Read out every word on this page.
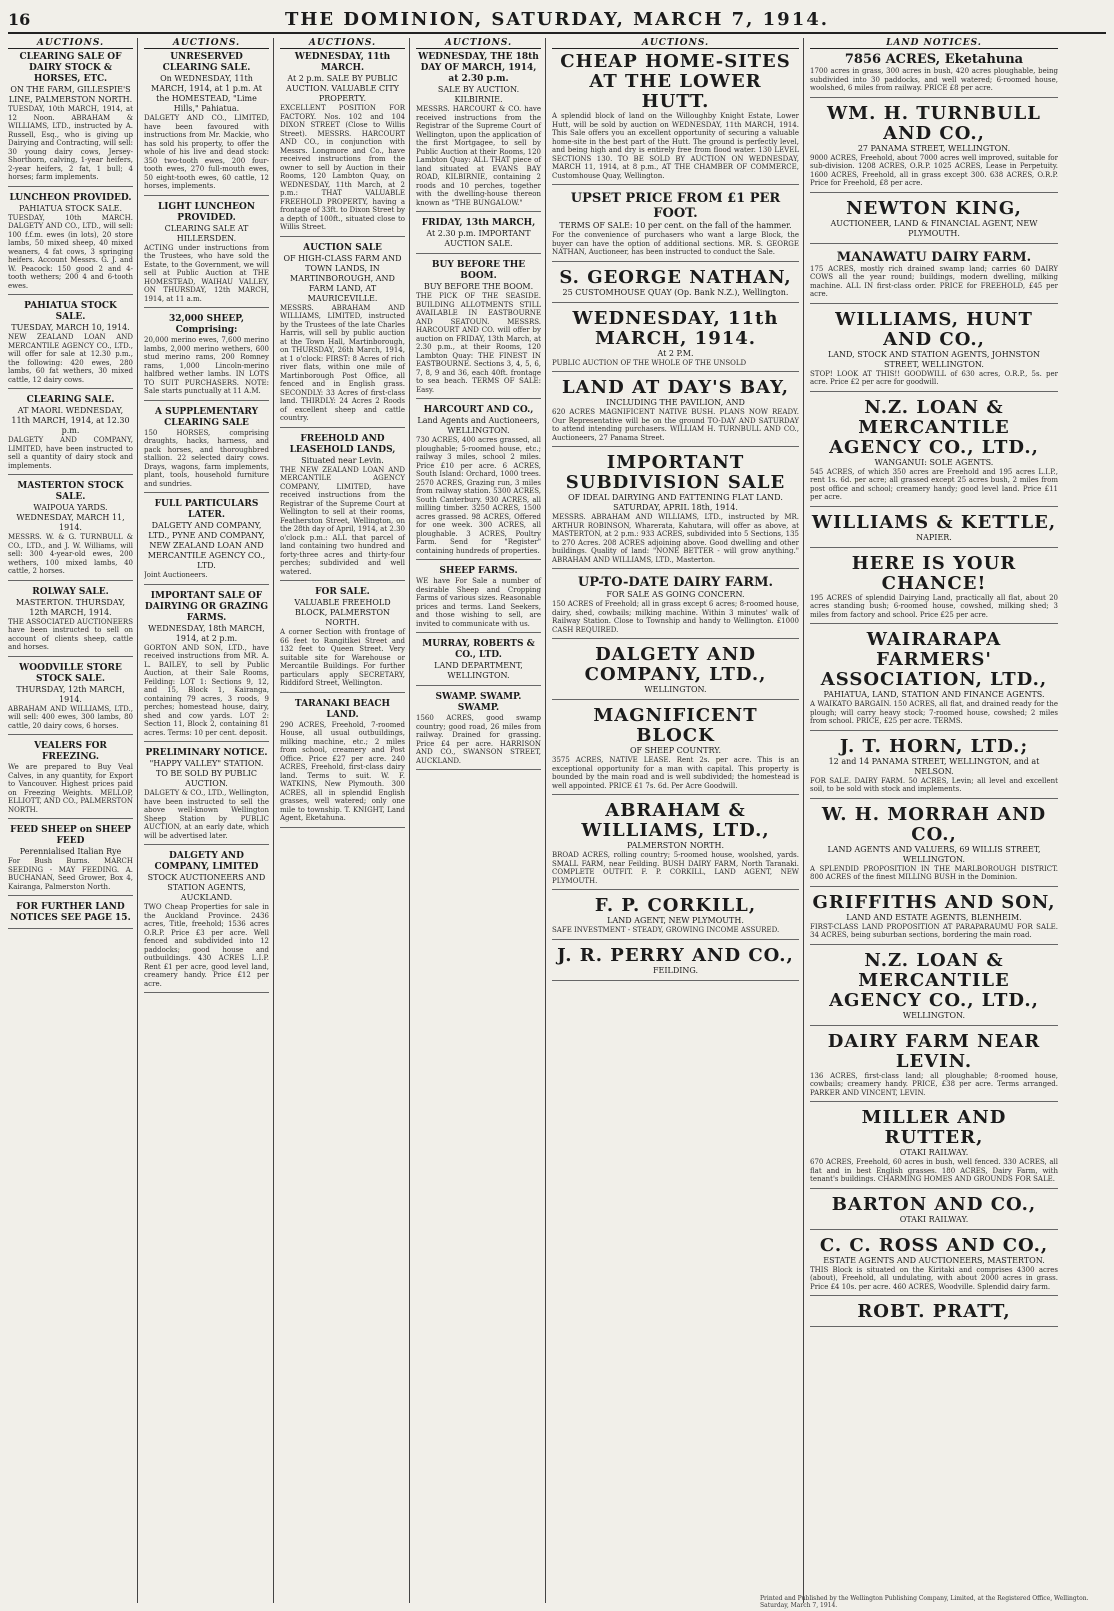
16	THE DOMINION, SATURDAY, MARCH 7, 1914.
AUCTIONS.
CLEARING SALE OF DAIRY STOCK & HORSES, ETC.
ON THE FARM, GILLESPIE'S LINE, PALMERSTON NORTH.
TUESDAY, 10th MARCH, 1914, at 12 Noon. ABRAHAM & WILLIAMS, LTD., instructed by A. Russell, Esq., who is giving up Dairying and Contracting, will sell: 30 young dairy cows, Jersey-Shorthorn, calving, 1-year heifers, 2-year heifers, 2 fat, 1 bull; 4 horses; farm implements.
LUNCHEON PROVIDED.
PAHIATUA STOCK SALE.
TUESDAY, 10th MARCH. DALGETY AND CO., LTD., will sell: 100 f.f.m. ewes (in lots), 20 store lambs, 50 mixed sheep, 40 mixed weaners, 4 fat cows, 3 springing heifers. Account Messrs. G. J. and W. Peacock: 150 good 2 and 4-tooth wethers; 200 4 and 6-tooth ewes.
PAHIATUA STOCK SALE.
TUESDAY, MARCH 10, 1914.
NEW ZEALAND LOAN AND MERCANTILE AGENCY CO., LTD., will offer for sale at 12.30 p.m., the following: 420 ewes, 280 lambs, 60 fat wethers, 30 mixed cattle, 12 dairy cows.
CLEARING SALE.
AT MAORI. WEDNESDAY, 11th MARCH, 1914, at 12.30 p.m.
DALGETY AND COMPANY, LIMITED, have been instructed to sell a quantity of dairy stock and implements.
MASTERTON STOCK SALE.
WAIPOUA YARDS. WEDNESDAY, MARCH 11, 1914.
MESSRS. W. & G. TURNBULL & CO., LTD., and J. W. Williams, will sell: 300 4-year-old ewes, 200 wethers, 100 mixed lambs, 40 cattle, 2 horses.
ROLWAY SALE.
MASTERTON. THURSDAY, 12th MARCH, 1914.
THE ASSOCIATED AUCTIONEERS have been instructed to sell on account of clients sheep, cattle and horses.
WOODVILLE STORE STOCK SALE.
THURSDAY, 12th MARCH, 1914.
ABRAHAM AND WILLIAMS, LTD., will sell: 400 ewes, 300 lambs, 80 cattle, 20 dairy cows, 6 horses.
VEALERS FOR FREEZING.
We are prepared to Buy Veal Calves, in any quantity, for Export to Vancouver. Highest prices paid on Freezing Weights. MELLOP, ELLIOTT, AND CO., PALMERSTON NORTH.
FEED SHEEP on SHEEP FEED
Perennialised Italian Rye
For Bush Burns. MARCH SEEDING - MAY FEEDING. A. BUCHANAN, Seed Grower, Box 4, Kairanga, Palmerston North.
FOR FURTHER LAND NOTICES SEE PAGE 15.
AUCTIONS.
UNRESERVED CLEARING SALE.
On WEDNESDAY, 11th MARCH, 1914, at 1 p.m. At the HOMESTEAD, "Lime Hills," Pahiatua.
DALGETY AND CO., LIMITED, have been favoured with instructions from Mr. Mackie, who has sold his property, to offer the whole of his live and dead stock: 350 two-tooth ewes, 200 four-tooth ewes, 270 full-mouth ewes, 50 eight-tooth ewes, 60 cattle, 12 horses, implements.
LIGHT LUNCHEON PROVIDED.
CLEARING SALE AT HILLERSDEN.
ACTING under instructions from the Trustees, who have sold the Estate, to the Government, we will sell at Public Auction at THE HOMESTEAD, WAIHAU VALLEY, ON THURSDAY, 12th MARCH, 1914, at 11 a.m.
32,000 SHEEP, Comprising:
20,000 merino ewes, 7,600 merino lambs, 2,000 merino wethers, 600 stud merino rams, 200 Romney rams, 1,000 Lincoln-merino halfbred wether lambs. IN LOTS TO SUIT PURCHASERS. NOTE: Sale starts punctually at 11 A.M.
A SUPPLEMENTARY CLEARING SALE
150 HORSES, comprising draughts, hacks, harness, and pack horses, and thoroughbred stallion. 22 selected dairy cows. Drays, wagons, farm implements, plant, tools, household furniture and sundries.
FULL PARTICULARS LATER.
DALGETY AND COMPANY, LTD., PYNE AND COMPANY, NEW ZEALAND LOAN AND MERCANTILE AGENCY CO., LTD.
Joint Auctioneers.
IMPORTANT SALE OF DAIRYING OR GRAZING FARMS.
WEDNESDAY, 18th MARCH, 1914, at 2 p.m.
GORTON AND SON, LTD., have received instructions from MR. A. L. BAILEY, to sell by Public Auction, at their Sale Rooms, Feilding: LOT 1: Sections 9, 12, and 15, Block 1, Kairanga, containing 79 acres, 3 roods, 9 perches; homestead house, dairy, shed and cow yards. LOT 2: Section 11, Block 2, containing 81 acres. Terms: 10 per cent. deposit.
PRELIMINARY NOTICE.
"HAPPY VALLEY" STATION. TO BE SOLD BY PUBLIC AUCTION.
DALGETY & CO., LTD., Wellington, have been instructed to sell the above well-known Wellington Sheep Station by PUBLIC AUCTION, at an early date, which will be advertised later.
DALGETY AND COMPANY, LIMITED
STOCK AUCTIONEERS AND STATION AGENTS, AUCKLAND.
TWO Cheap Properties for sale in the Auckland Province. 2436 acres, Title, freehold; 1536 acres O.R.P. Price £3 per acre. Well fenced and subdivided into 12 paddocks; good house and outbuildings. 430 ACRES L.I.P. Rent £1 per acre, good level land, creamery handy. Price £12 per acre.
AUCTIONS.
WEDNESDAY, 11th MARCH.
At 2 p.m. SALE BY PUBLIC AUCTION. VALUABLE CITY PROPERTY.
EXCELLENT POSITION FOR FACTORY. Nos. 102 and 104 DIXON STREET (Close to Willis Street). MESSRS. HARCOURT AND CO., in conjunction with Messrs. Longmore and Co., have received instructions from the owner to sell by Auction in their Rooms, 120 Lambton Quay, on WEDNESDAY, 11th March, at 2 p.m.: THAT VALUABLE FREEHOLD PROPERTY, having a frontage of 33ft. to Dixon Street by a depth of 100ft., situated close to Willis Street.
AUCTION SALE
OF HIGH-CLASS FARM AND TOWN LANDS, IN MARTINBOROUGH, AND FARM LAND, AT MAURICEVILLE.
MESSRS. ABRAHAM AND WILLIAMS, LIMITED, instructed by the Trustees of the late Charles Harris, will sell by public auction at the Town Hall, Martinborough, on THURSDAY, 26th March, 1914, at 1 o'clock: FIRST: 8 Acres of rich river flats, within one mile of Martinborough Post Office, all fenced and in English grass. SECONDLY: 33 Acres of first-class land. THIRDLY: 24 Acres 2 Roods of excellent sheep and cattle country.
FREEHOLD AND LEASEHOLD LANDS,
Situated near Levin.
THE NEW ZEALAND LOAN AND MERCANTILE AGENCY COMPANY, LIMITED, have received instructions from the Registrar of the Supreme Court at Wellington to sell at their rooms, Featherston Street, Wellington, on the 28th day of April, 1914, at 2.30 o'clock p.m.: ALL that parcel of land containing two hundred and forty-three acres and thirty-four perches; subdivided and well watered.
FOR SALE.
VALUABLE FREEHOLD BLOCK, PALMERSTON NORTH.
A corner Section with frontage of 66 feet to Rangitikei Street and 132 feet to Queen Street. Very suitable site for Warehouse or Mercantile Buildings. For further particulars apply SECRETARY, Riddiford Street, Wellington.
TARANAKI BEACH LAND.
290 ACRES, Freehold, 7-roomed House, all usual outbuildings, milking machine, etc.; 2 miles from school, creamery and Post Office. Price £27 per acre. 240 ACRES, Freehold, first-class dairy land. Terms to suit. W. F. WATKINS, New Plymouth. 300 ACRES, all in splendid English grasses, well watered; only one mile to township. T. KNIGHT, Land Agent, Eketahuna.
AUCTIONS.
WEDNESDAY, THE 18th DAY OF MARCH, 1914, at 2.30 p.m.
SALE BY AUCTION. KILBIRNIE.
MESSRS. HARCOURT & CO. have received instructions from the Registrar of the Supreme Court of Wellington, upon the application of the first Mortgagee, to sell by Public Auction at their Rooms, 120 Lambton Quay: ALL THAT piece of land situated at EVANS BAY ROAD, KILBIRNIE, containing 2 roods and 10 perches, together with the dwelling-house thereon known as "THE BUNGALOW."
FRIDAY, 13th MARCH,
At 2.30 p.m. IMPORTANT AUCTION SALE.
BUY BEFORE THE BOOM.
BUY BEFORE THE BOOM.
THE PICK OF THE SEASIDE. BUILDING ALLOTMENTS STILL AVAILABLE IN EASTBOURNE AND SEATOUN. MESSRS. HARCOURT AND CO. will offer by auction on FRIDAY, 13th March, at 2.30 p.m., at their Rooms, 120 Lambton Quay: THE FINEST IN EASTBOURNE. Sections 3, 4, 5, 6, 7, 8, 9 and 36, each 40ft. frontage to sea beach. TERMS OF SALE: Easy.
HARCOURT AND CO.,
Land Agents and Auctioneers, WELLINGTON.
730 ACRES, 400 acres grassed, all ploughable; 5-roomed house, etc.; railway 3 miles, school 2 miles. Price £10 per acre. 6 ACRES, South Island: Orchard, 1000 trees. 2570 ACRES, Grazing run, 3 miles from railway station. 5300 ACRES, South Canterbury. 930 ACRES, all milling timber. 3250 ACRES, 1500 acres grassed. 98 ACRES, Offered for one week. 300 ACRES, all ploughable. 3 ACRES, Poultry Farm. Send for "Register" containing hundreds of properties.
SHEEP FARMS.
WE have For Sale a number of desirable Sheep and Cropping Farms of various sizes. Reasonable prices and terms. Land Seekers, and those wishing to sell, are invited to communicate with us.
MURRAY, ROBERTS & CO., LTD.
LAND DEPARTMENT, WELLINGTON.
SWAMP. SWAMP. SWAMP.
1560 ACRES, good swamp country; good road, 26 miles from railway. Drained for grassing. Price £4 per acre. HARRISON AND CO., SWANSON STREET, AUCKLAND.
AUCTIONS.
CHEAP HOME-SITES AT THE LOWER HUTT.
A splendid block of land on the Willoughby Knight Estate, Lower Hutt, will be sold by auction on WEDNESDAY, 11th MARCH, 1914. This Sale offers you an excellent opportunity of securing a valuable home-site in the best part of the Hutt. The ground is perfectly level, and being high and dry is entirely free from flood water. 130 LEVEL SECTIONS 130. TO BE SOLD BY AUCTION ON WEDNESDAY, MARCH 11, 1914, at 8 p.m., AT THE CHAMBER OF COMMERCE, Customhouse Quay, Wellington.
UPSET PRICE FROM £1 PER FOOT.
TERMS OF SALE: 10 per cent. on the fall of the hammer.
For the convenience of purchasers who want a large Block, the buyer can have the option of additional sections. MR. S. GEORGE NATHAN, Auctioneer, has been instructed to conduct the Sale.
S. GEORGE NATHAN,
25 CUSTOMHOUSE QUAY (Op. Bank N.Z.), Wellington.
WEDNESDAY, 11th MARCH, 1914.
At 2 P.M.
PUBLIC AUCTION OF THE WHOLE OF THE UNSOLD
LAND AT DAY'S BAY,
INCLUDING THE PAVILION, AND
620 ACRES MAGNIFICENT NATIVE BUSH. PLANS NOW READY. Our Representative will be on the ground TO-DAY AND SATURDAY to attend intending purchasers. WILLIAM H. TURNBULL AND CO., Auctioneers, 27 Panama Street.
IMPORTANT SUBDIVISION SALE
OF IDEAL DAIRYING AND FATTENING FLAT LAND. SATURDAY, APRIL 18th, 1914.
MESSRS. ABRAHAM AND WILLIAMS, LTD., instructed by MR. ARTHUR ROBINSON, Wharerata, Kahutara, will offer as above, at MASTERTON, at 2 p.m.: 933 ACRES, subdivided into 5 Sections, 135 to 270 Acres. 208 ACRES adjoining above. Good dwelling and other buildings. Quality of land: "NONE BETTER - will grow anything." ABRAHAM AND WILLIAMS, LTD., Masterton.
UP-TO-DATE DAIRY FARM.
FOR SALE AS GOING CONCERN.
150 ACRES of Freehold; all in grass except 6 acres; 8-roomed house, dairy, shed, cowbails; milking machine. Within 3 minutes' walk of Railway Station. Close to Township and handy to Wellington. £1000 CASH REQUIRED.
DALGETY AND COMPANY, LTD.,
WELLINGTON.
MAGNIFICENT BLOCK
OF SHEEP COUNTRY.
3575 ACRES, NATIVE LEASE. Rent 2s. per acre. This is an exceptional opportunity for a man with capital. This property is bounded by the main road and is well subdivided; the homestead is well appointed. PRICE £1 7s. 6d. Per Acre Goodwill.
ABRAHAM & WILLIAMS, LTD.,
PALMERSTON NORTH.
BROAD ACRES, rolling country; 5-roomed house, woolshed, yards. SMALL FARM, near Feilding. BUSH DAIRY FARM, North Taranaki. COMPLETE OUTFIT. F. P. CORKILL, LAND AGENT, NEW PLYMOUTH.
F. P. CORKILL,
LAND AGENT, NEW PLYMOUTH.
SAFE INVESTMENT - STEADY, GROWING INCOME ASSURED.
J. R. PERRY AND CO.,
FEILDING.
LAND NOTICES.
7856 ACRES, Eketahuna
1700 acres in grass, 300 acres in bush, 420 acres ploughable, being subdivided into 30 paddocks, and well watered; 6-roomed house, woolshed, 6 miles from railway. PRICE £8 per acre.
WM. H. TURNBULL AND CO.,
27 PANAMA STREET, WELLINGTON.
9000 ACRES, Freehold, about 7000 acres well improved, suitable for sub-division. 1208 ACRES, O.R.P. 1025 ACRES, Lease in Perpetuity. 1600 ACRES, Freehold, all in grass except 300. 638 ACRES, O.R.P. Price for Freehold, £8 per acre.
NEWTON KING,
AUCTIONEER, LAND & FINANCIAL AGENT, NEW PLYMOUTH.
MANAWATU DAIRY FARM.
175 ACRES, mostly rich drained swamp land; carries 60 DAIRY COWS all the year round; buildings, modern dwelling, milking machine. ALL IN first-class order. PRICE for FREEHOLD, £45 per acre.
WILLIAMS, HUNT AND CO.,
LAND, STOCK AND STATION AGENTS, JOHNSTON STREET, WELLINGTON.
STOP! LOOK AT THIS!! GOODWILL of 630 acres, O.R.P., 5s. per acre. Price £2 per acre for goodwill.
N.Z. LOAN & MERCANTILE AGENCY CO., LTD.,
WANGANUI: SOLE AGENTS.
545 ACRES, of which 350 acres are Freehold and 195 acres L.I.P., rent 1s. 6d. per acre; all grassed except 25 acres bush, 2 miles from post office and school; creamery handy; good level land. Price £11 per acre.
WILLIAMS & KETTLE,
NAPIER.
HERE IS YOUR CHANCE!
195 ACRES of splendid Dairying Land, practically all flat, about 20 acres standing bush; 6-roomed house, cowshed, milking shed; 3 miles from factory and school. Price £25 per acre.
WAIRARAPA FARMERS' ASSOCIATION, LTD.,
PAHIATUA, LAND, STATION AND FINANCE AGENTS.
A WAIKATO BARGAIN. 150 ACRES, all flat, and drained ready for the plough; will carry heavy stock; 7-roomed house, cowshed; 2 miles from school. PRICE, £25 per acre. TERMS.
J. T. HORN, LTD.;
12 and 14 PANAMA STREET, WELLINGTON, and at NELSON.
FOR SALE. DAIRY FARM. 50 ACRES, Levin; all level and excellent soil, to be sold with stock and implements.
W. H. MORRAH AND CO.,
LAND AGENTS AND VALUERS, 69 WILLIS STREET, WELLINGTON.
A SPLENDID PROPOSITION IN THE MARLBOROUGH DISTRICT. 800 ACRES of the finest MILLING BUSH in the Dominion.
GRIFFITHS AND SON,
LAND AND ESTATE AGENTS, BLENHEIM.
FIRST-CLASS LAND PROPOSITION AT PARAPARAUMU FOR SALE. 34 ACRES, being suburban sections, bordering the main road.
N.Z. LOAN & MERCANTILE AGENCY CO., LTD.,
WELLINGTON.
DAIRY FARM NEAR LEVIN.
136 ACRES, first-class land; all ploughable; 8-roomed house, cowbails; creamery handy. PRICE, £38 per acre. Terms arranged. PARKER AND VINCENT, LEVIN.
MILLER AND RUTTER,
OTAKI RAILWAY.
670 ACRES, Freehold, 60 acres in bush, well fenced. 330 ACRES, all flat and in best English grasses. 180 ACRES, Dairy Farm, with tenant's buildings. CHARMING HOMES AND GROUNDS FOR SALE.
BARTON AND CO.,
OTAKI RAILWAY.
C. C. ROSS AND CO.,
ESTATE AGENTS AND AUCTIONEERS, MASTERTON.
THIS Block is situated on the Kiritaki and comprises 4300 acres (about), Freehold, all undulating, with about 2000 acres in grass. Price £4 10s. per acre. 460 ACRES, Woodville. Splendid dairy farm.
ROBT. PRATT,
Printed and Published by the Wellington Publishing Company, Limited, at the Registered Office, Wellington. Saturday, March 7, 1914.
